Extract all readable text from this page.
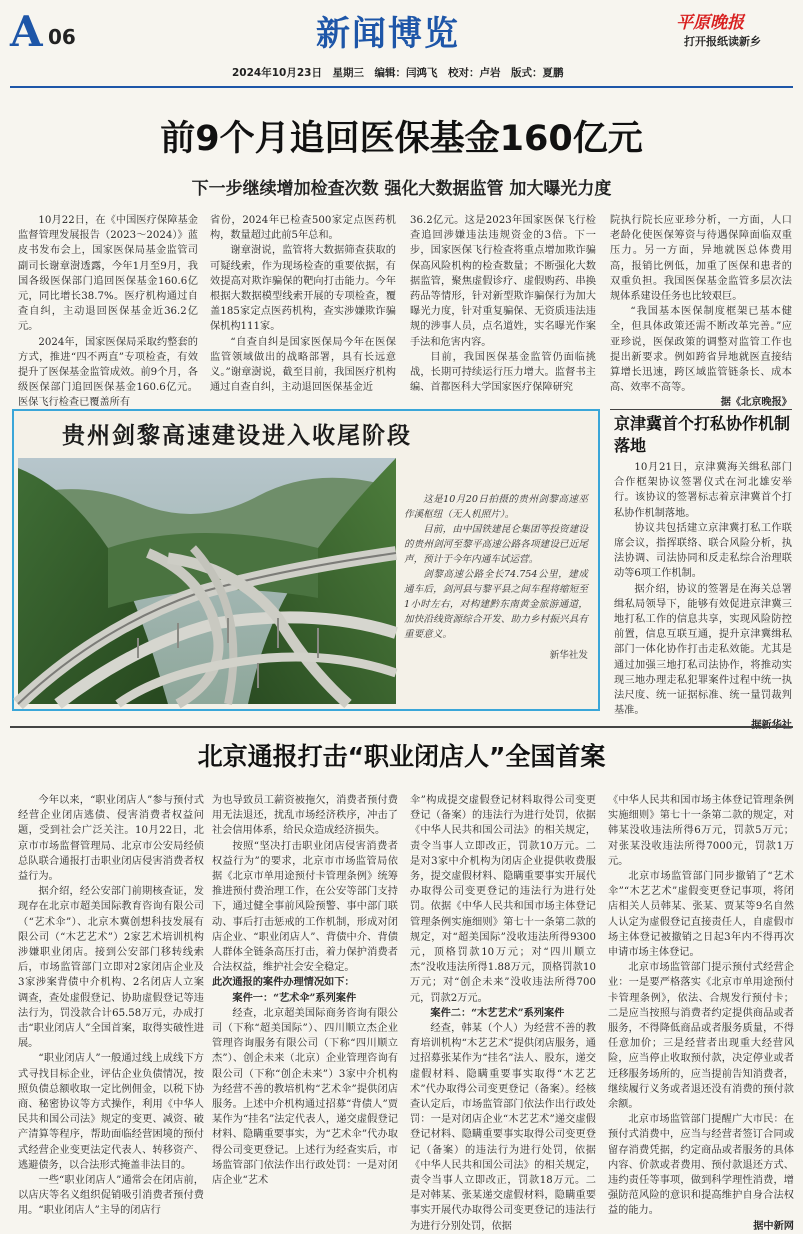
A 06	新闻博览	平原晚报
打开报纸读新乡
2024年10月23日　星期三　编辑：闫鸿飞　校对：卢岩　版式：夏鹏
前9个月追回医保基金160亿元
下一步继续增加检查次数 强化大数据监管 加大曝光力度

10月22日，在《中国医疗保障基金监督管理发展报告（2023～2024）》蓝皮书发布会上，国家医保局基金监管司副司长谢章澍透露，今年1月至9月，我国各级医保部门追回医保基金160.6亿元，同比增长38.7%。医疗机构通过自查自纠，主动退回医保基金近36.2亿元。

2024年，国家医保局采取约整套的方式，推进“四不两直”专项检查，有效提升了医保基金监管成效。前9个月，各级医保部门追回医保基金160.6亿元。医保飞行检查已覆盖所有

省份，2024年已检查500家定点医药机构，数量超过此前5年总和。

谢章澍说，监管将大数据筛查获取的可疑线索，作为现场检查的重要依据，有效提高对欺诈骗保的靶向打击能力。今年根据大数据模型线索开展的专项检查，覆盖185家定点医药机构，查实涉嫌欺诈骗保机构111家。

“自查自纠是国家医保局今年在医保监管领域做出的战略部署，具有长远意义。”谢章澍说，截至目前，我国医疗机构通过自查自纠，主动退回医保基金近

36.2亿元。这是2023年国家医保飞行检查追回涉嫌违法违规资金的3倍。下一步，国家医保飞行检查将重点增加欺诈骗保高风险机构的检查数量；不断强化大数据监管，聚焦虚假诊疗、虚假购药、串换药品等情形，针对新型欺诈骗保行为加大曝光力度，针对重复骗保、无资质违法违规的涉事人员，点名道姓，实名曝光作案手法和危害内容。

目前，我国医保基金监管仍面临挑战，长期可持续运行压力增大。监督书主编、首都医科大学国家医疗保障研究

院执行院长应亚珍分析，一方面，人口老龄化使医保筹资与待遇保障面临双重压力。另一方面，异地就医总体费用高，报销比例低，加重了医保和患者的双重负担。我国医保基金监管多层次法规体系建设任务也比较艰巨。

“我国基本医保制度框架已基本健全，但具体政策还需不断改革完善。”应亚珍说，医保政策的调整对监管工作也提出新要求。例如跨省异地就医直接结算增长迅速，跨区域监管链条长、成本高、效率不高等。

据《北京晚报》

贵州剑黎高速建设进入收尾阶段

这是10月20日拍摄的贵州剑黎高速巫作溪枢纽（无人机照片）。

目前，由中国铁建昆仑集团等投资建设的贵州剑河至黎平高速公路各项建设已近尾声，预计于今年内通车试运营。

剑黎高速公路全长74.754公里，建成通车后，剑河县与黎平县之间车程将缩短至1小时左右，对构建黔东南黄金旅游通道，加快沿线资源综合开发、助力乡村振兴具有重要意义。

新华社发

京津冀首个打私协作机制落地

10月21日，京津冀海关缉私部门合作框架协议签署仪式在河北雄安举行。该协议的签署标志着京津冀首个打私协作机制落地。

协议共包括建立京津冀打私工作联席会议，指挥联络、联合风险分析，执法协调、司法协同和反走私综合治理联动等6项工作机制。

据介绍，协议的签署是在海关总署缉私局领导下，能够有效促进京津冀三地打私工作的信息共享，实现风险防控前置，信息互联互通，提升京津冀缉私部门一体化协作打击走私效能。尤其是通过加强三地打私司法协作，将推动实现三地办理走私犯罪案件过程中统一执法尺度、统一证据标准、统一量罚裁判基准。

北京通报打击“职业闭店人”全国首案

今年以来，“职业闭店人”参与预付式经营企业闭店逃债、侵害消费者权益问题，受到社会广泛关注。10月22日，北京市市场监督管理局、北京市公安局经侦总队联合通报打击职业闭店侵害消费者权益行为。

据介绍，经公安部门前期核查证，发现存在北京市超美国际教育咨询有限公司（“艺术伞”）、北京木冀创想科技发展有限公司（“木艺艺术”）2家艺术培训机构涉嫌职业闭店。接到公安部门移转线索后，市场监管部门立即对2家闭店企业及3家涉案背债中介机构、2名闭店人立案调查，查处虚假登记、协助虚假登记等违法行为，罚没款合计65.58万元，办成打击“职业闭店人”全国首案，取得实破性进展。

“职业闭店人”一般通过线上成线下方式寻找目标企业，评估企业负债情况，按照负债总额收取一定比例佣金，以税下协商、秘密协议等方式操作，利用《中华人民共和国公司法》规定的变更、减资、破产清算等程序，帮助面临经营困境的预付式经营企业变更法定代表人、转移资产、逃避债务，以合法形式掩盖非法目的。

一些“职业闭店人”通常会在闭店前，以店庆等名义组织促销吸引消费者预付费用。“职业闭店人”主导的闭店行

为也导致员工薪资被拖欠，消费者预付费用无法退还，扰乱市场经济秩序，冲击了社会信用体系，给民众造成经济损失。

按照“坚决打击职业闭店侵害消费者权益行为”的要求，北京市市场监管局依据《北京市单用途预付卡管理条例》统筹推进预付费治理工作，在公安等部门支持下，通过健全事前风险预警、事中部门联动、事后打击惩戒的工作机制，形成对闭店企业、“职业闭店人”、背债中介、背债人群体全链条高压打击，着力保护消费者合法权益，维护社会安全稳定。

此次通报的案件办理情况如下：

案件一：“艺术伞”系列案件

经查，北京超美国际商务咨询有限公司（下称“超美国际”）、四川顺立杰企业管理咨询服务有限公司（下称“四川顺立杰”）、创企未来（北京）企业管理咨询有限公司（下称“创企未来”）3家中介机构为经营不善的教培机构“艺术伞”提供闭店服务。上述中介机构通过招募“背债人”贾某作为“挂名”法定代表人，递交虚假登记材料、隐瞒重要事实，为“艺术伞”代办取得公司变更登记。上述行为经查实后，市场监管部门依法作出行政处罚：一是对闭店企业“艺术

伞”构成提交虚假登记材料取得公司变更登记（备案）的违法行为进行处罚，依据《中华人民共和国公司法》的相关规定，责令当事人立即改正，罚款10万元。二是对3家中介机构为闭店企业提供收费服务，提交虚假材料、隐瞒重要事实开展代办取得公司变更登记的违法行为进行处罚。依据《中华人民共和国市场主体登记管理条例实施细则》第七十一条第二款的规定，对“超美国际”没收违法所得9300元，顶格罚款10万元；对“四川顺立杰”没收违法所得1.88万元，顶格罚款10万元；对“创企未来”没收违法所得700元，罚款2万元。

案件二：“木艺艺术”系列案件

经查，韩某（个人）为经营不善的教育培训机构“木艺艺术”提供闭店服务，通过招募张某作为“挂名”法人、股东，递交虚假材料、隐瞒重要事实取得“木艺艺术”代办取得公司变更登记（备案）。经核查认定后，市场监管部门依法作出行政处罚：一是对闭店企业“木艺艺术”递交虚假登记材料、隐瞒重要事实取得公司变更登记（备案）的违法行为进行处罚，依据《中华人民共和国公司法》的相关规定，责令当事人立即改正，罚款18万元。二是对韩某、张某递交虚假材料，隐瞒重要事实开展代办取得公司变更登记的违法行为进行分别处罚，依据

《中华人民共和国市场主体登记管理条例实施细则》第七十一条第二款的规定，对韩某没收违法所得6万元，罚款5万元；对张某没收违法所得7000元，罚款1万元。

北京市场监管部门同步撤销了“艺术伞”“木艺艺术”虚假变更登记事项，将闭店相关人员韩某、张某、贾某等9名自然人认定为虚假登记直接责任人，自虚假市场主体登记被撤销之日起3年内不得再次申请市场主体登记。

北京市场监管部门提示预付式经营企业：一是要严格落实《北京市单用途预付卡管理条例》，依法、合规发行预付卡；二是应当按照与消费者约定提供商品或者服务，不得降低商品或者服务质量，不得任意加价；三是经营者出现重大经营风险，应当停止收取预付款，决定停业或者迁移服务场所的，应当提前告知消费者，继续履行义务或者退还没有消费的预付款余额。

北京市场监管部门提醒广大市民：在预付式消费中，应当与经营者签订合同或留存消费凭据，约定商品或者服务的具体内容、价款或者费用、预付款退还方式、违约责任等事项，做到科学理性消费，增强防范风险的意识和提高维护自身合法权益的能力。

据中新网
